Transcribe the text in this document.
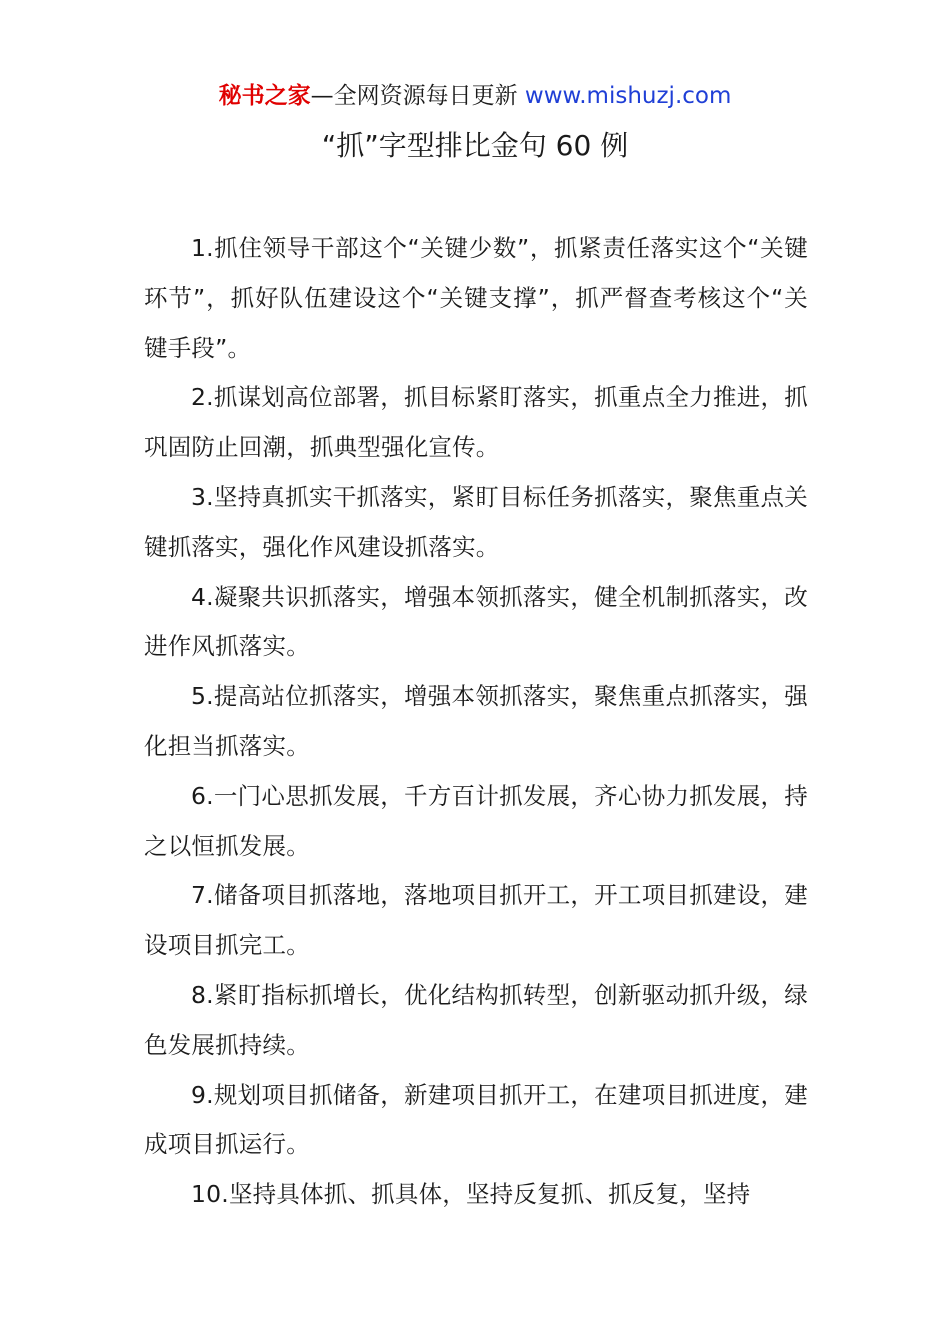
秘书之家—全网资源每日更新 www.mishuzj.com
“抓”字型排比金句 60 例

1.抓住领导干部这个“关键少数”，抓紧责任落实这个“关键环节”，抓好队伍建设这个“关键支撑”，抓严督查考核这个“关键手段”。

2.抓谋划高位部署，抓目标紧盯落实，抓重点全力推进，抓巩固防止回潮，抓典型强化宣传。

3.坚持真抓实干抓落实，紧盯目标任务抓落实，聚焦重点关键抓落实，强化作风建设抓落实。

4.凝聚共识抓落实，增强本领抓落实，健全机制抓落实，改进作风抓落实。

5.提高站位抓落实，增强本领抓落实，聚焦重点抓落实，强化担当抓落实。

6.一门心思抓发展，千方百计抓发展，齐心协力抓发展，持之以恒抓发展。

7.储备项目抓落地，落地项目抓开工，开工项目抓建设，建设项目抓完工。

8.紧盯指标抓增长，优化结构抓转型，创新驱动抓升级，绿色发展抓持续。

9.规划项目抓储备，新建项目抓开工，在建项目抓进度，建成项目抓运行。

10.坚持具体抓、抓具体，坚持反复抓、抓反复，坚持
